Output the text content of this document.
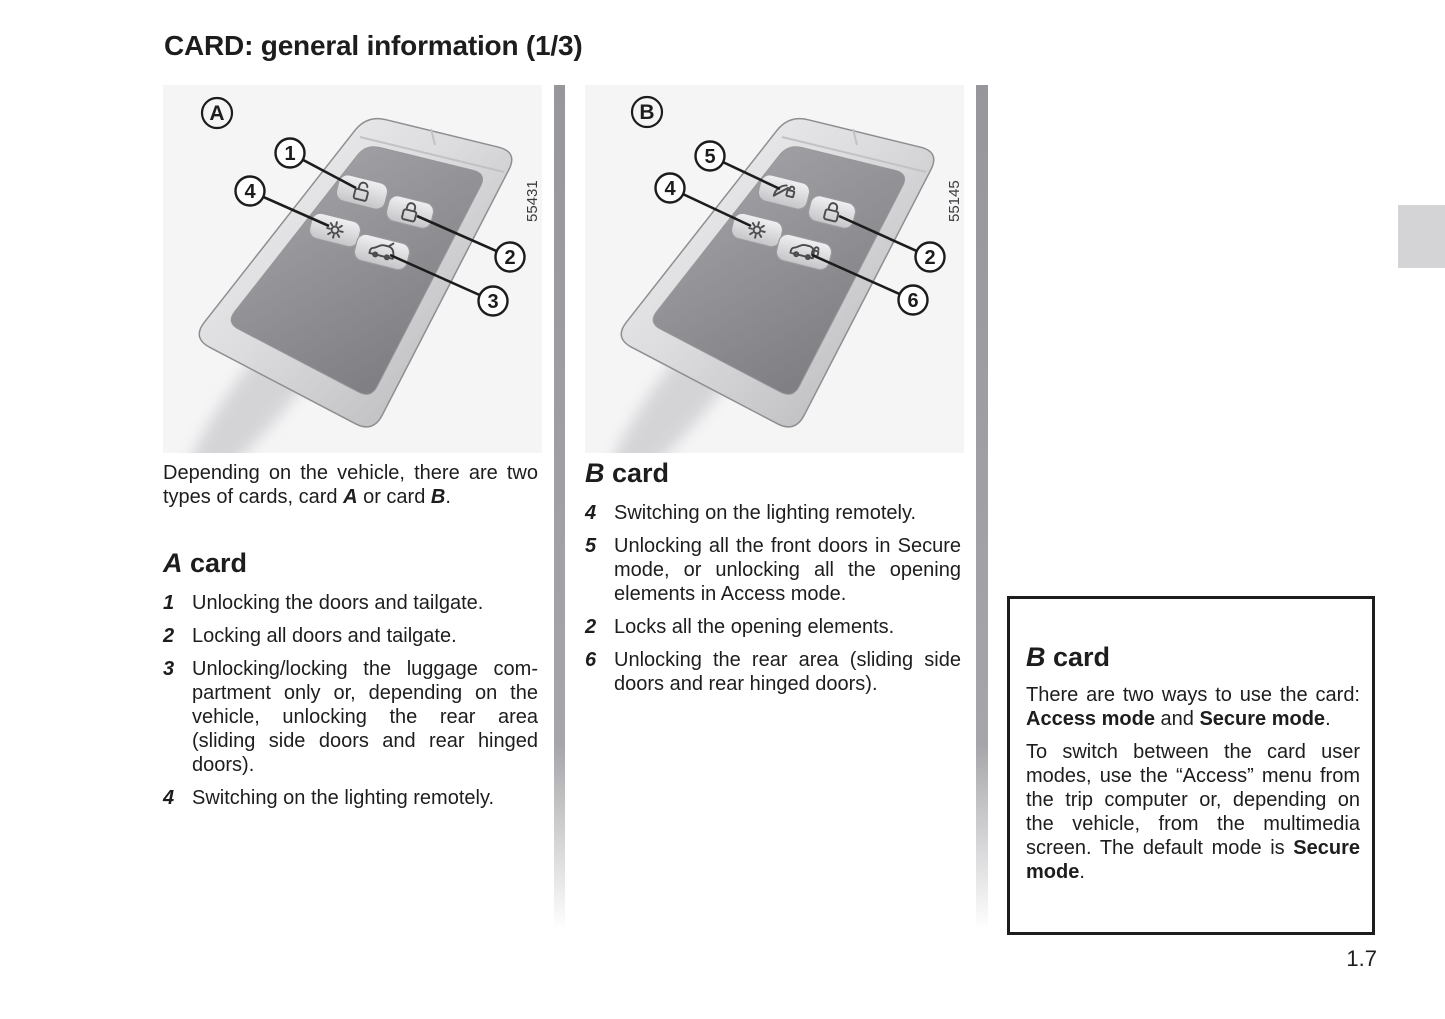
CARD: general information (1/3)
A
1
4
2
3
55431
B
5
4
2
6
55145

Depending on the vehicle, there are two types of cards, card A or card B.

A card
1 Unlocking the doors and tailgate.
2 Locking all doors and tailgate.
3 Unlocking/locking the luggage compartment only or, depending on the vehicle, unlocking the rear area (sliding side doors and rear hinged doors).
4 Switching on the lighting remotely.
B card
4 Switching on the lighting remotely.
5 Unlocking all the front doors in Secure mode, or unlocking all the opening elements in Access mode.
2 Locks all the opening elements.
6 Unlocking the rear area (sliding side doors and rear hinged doors).
B card

There are two ways to use the card: Access mode and Secure mode.

To switch between the card user modes, use the “Access” menu from the trip computer or, depending on the vehicle, from the multimedia screen. The default mode is Secure mode.

1.7
